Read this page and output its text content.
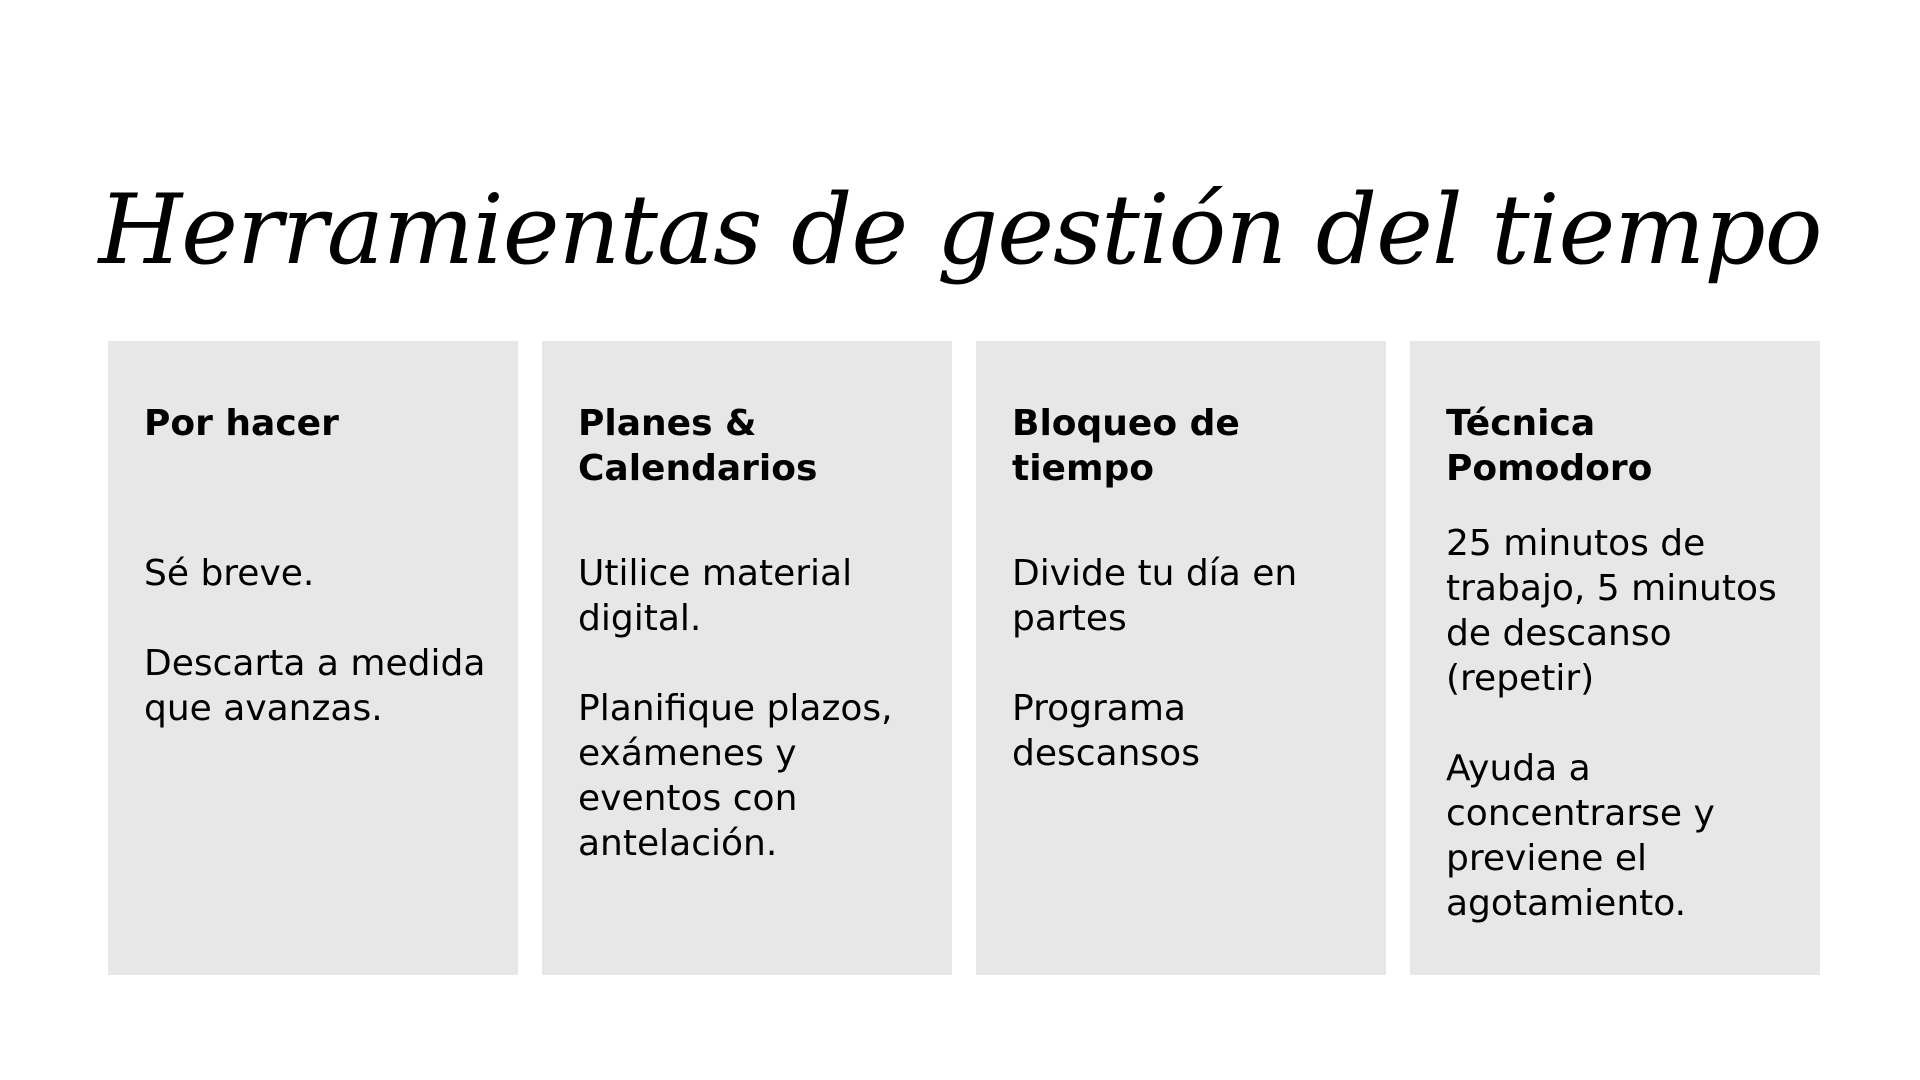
Herramientas de gestión del tiempo
Por hacer

Sé breve.

Descarta a medida que avanzas.

Planes & Calendarios

Utilice material digital.

Planifique plazos, exámenes y eventos con antelación.

Bloqueo de tiempo

Divide tu día en partes

Programa descansos

Técnica Pomodoro

25 minutos de trabajo, 5 minutos de descanso (repetir)

Ayuda a concentrarse y previene el agotamiento.
